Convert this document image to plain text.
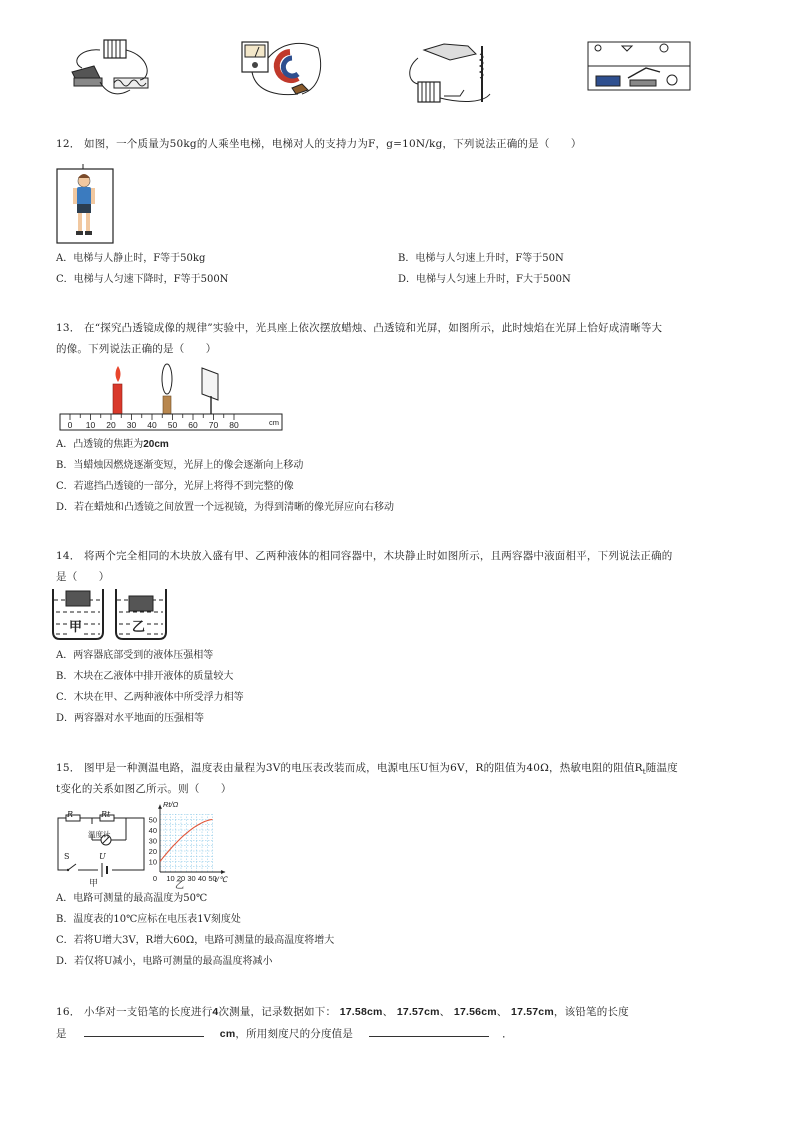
12． 如图，一个质量为50kg的人乘坐电梯，电梯对人的支持力为F，g=10N/kg，下列说法正确的是（　　）
A．电梯与人静止时，F等于50kg	B．电梯与人匀速上升时，F等于50N
C．电梯与人匀速下降时，F等于500N	D．电梯与人匀速上升时，F大于500N
13． 在“探究凸透镜成像的规律”实验中，光具座上依次摆放蜡烛、凸透镜和光屏，如图所示，此时烛焰在光屏上恰好成清晰等大
的像。下列说法正确的是（　　）
0 10 20 30 40 50 60 70 80	cm
A．凸透镜的焦距为20cm
B．当蜡烛因燃烧逐渐变短，光屏上的像会逐渐向上移动
C．若遮挡凸透镜的一部分，光屏上将得不到完整的像
D．若在蜡烛和凸透镜之间放置一个远视镜，为得到清晰的像光屏应向右移动
14． 将两个完全相同的木块放入盛有甲、乙两种液体的相同容器中，木块静止时如图所示，且两容器中液面相平，下列说法正确的
是（　　）
甲	乙
A．两容器底部受到的液体压强相等
B．木块在乙液体中排开液体的质量较大
C．木块在甲、乙两种液体中所受浮力相等
D．两容器对水平地面的压强相等
15． 图甲是一种测温电路，温度表由量程为3V的电压表改装而成，电源电压U恒为6V，R的阻值为40Ω，热敏电阻的阻值$R_t$随温度
t变化的关系如图乙所示。则（　　）
R	Rt
温度计
S	U
甲
10
20
30
40
50
10 20 30 40 50
0
Rt/Ω
t/℃
乙
A．电路可测量的最高温度为50℃
B．温度表的10℃应标在电压表1V刻度处
C．若将U增大3V，R增大60Ω，电路可测量的最高温度将增大
D．若仅将U减小，电路可测量的最高温度将减小
16． 小华对一支铅笔的长度进行4次测量，记录数据如下： 17.58cm、 17.57cm、 17.56cm、 17.57cm，该铅笔的长度
是	cm，所用刻度尺的分度值是	．
